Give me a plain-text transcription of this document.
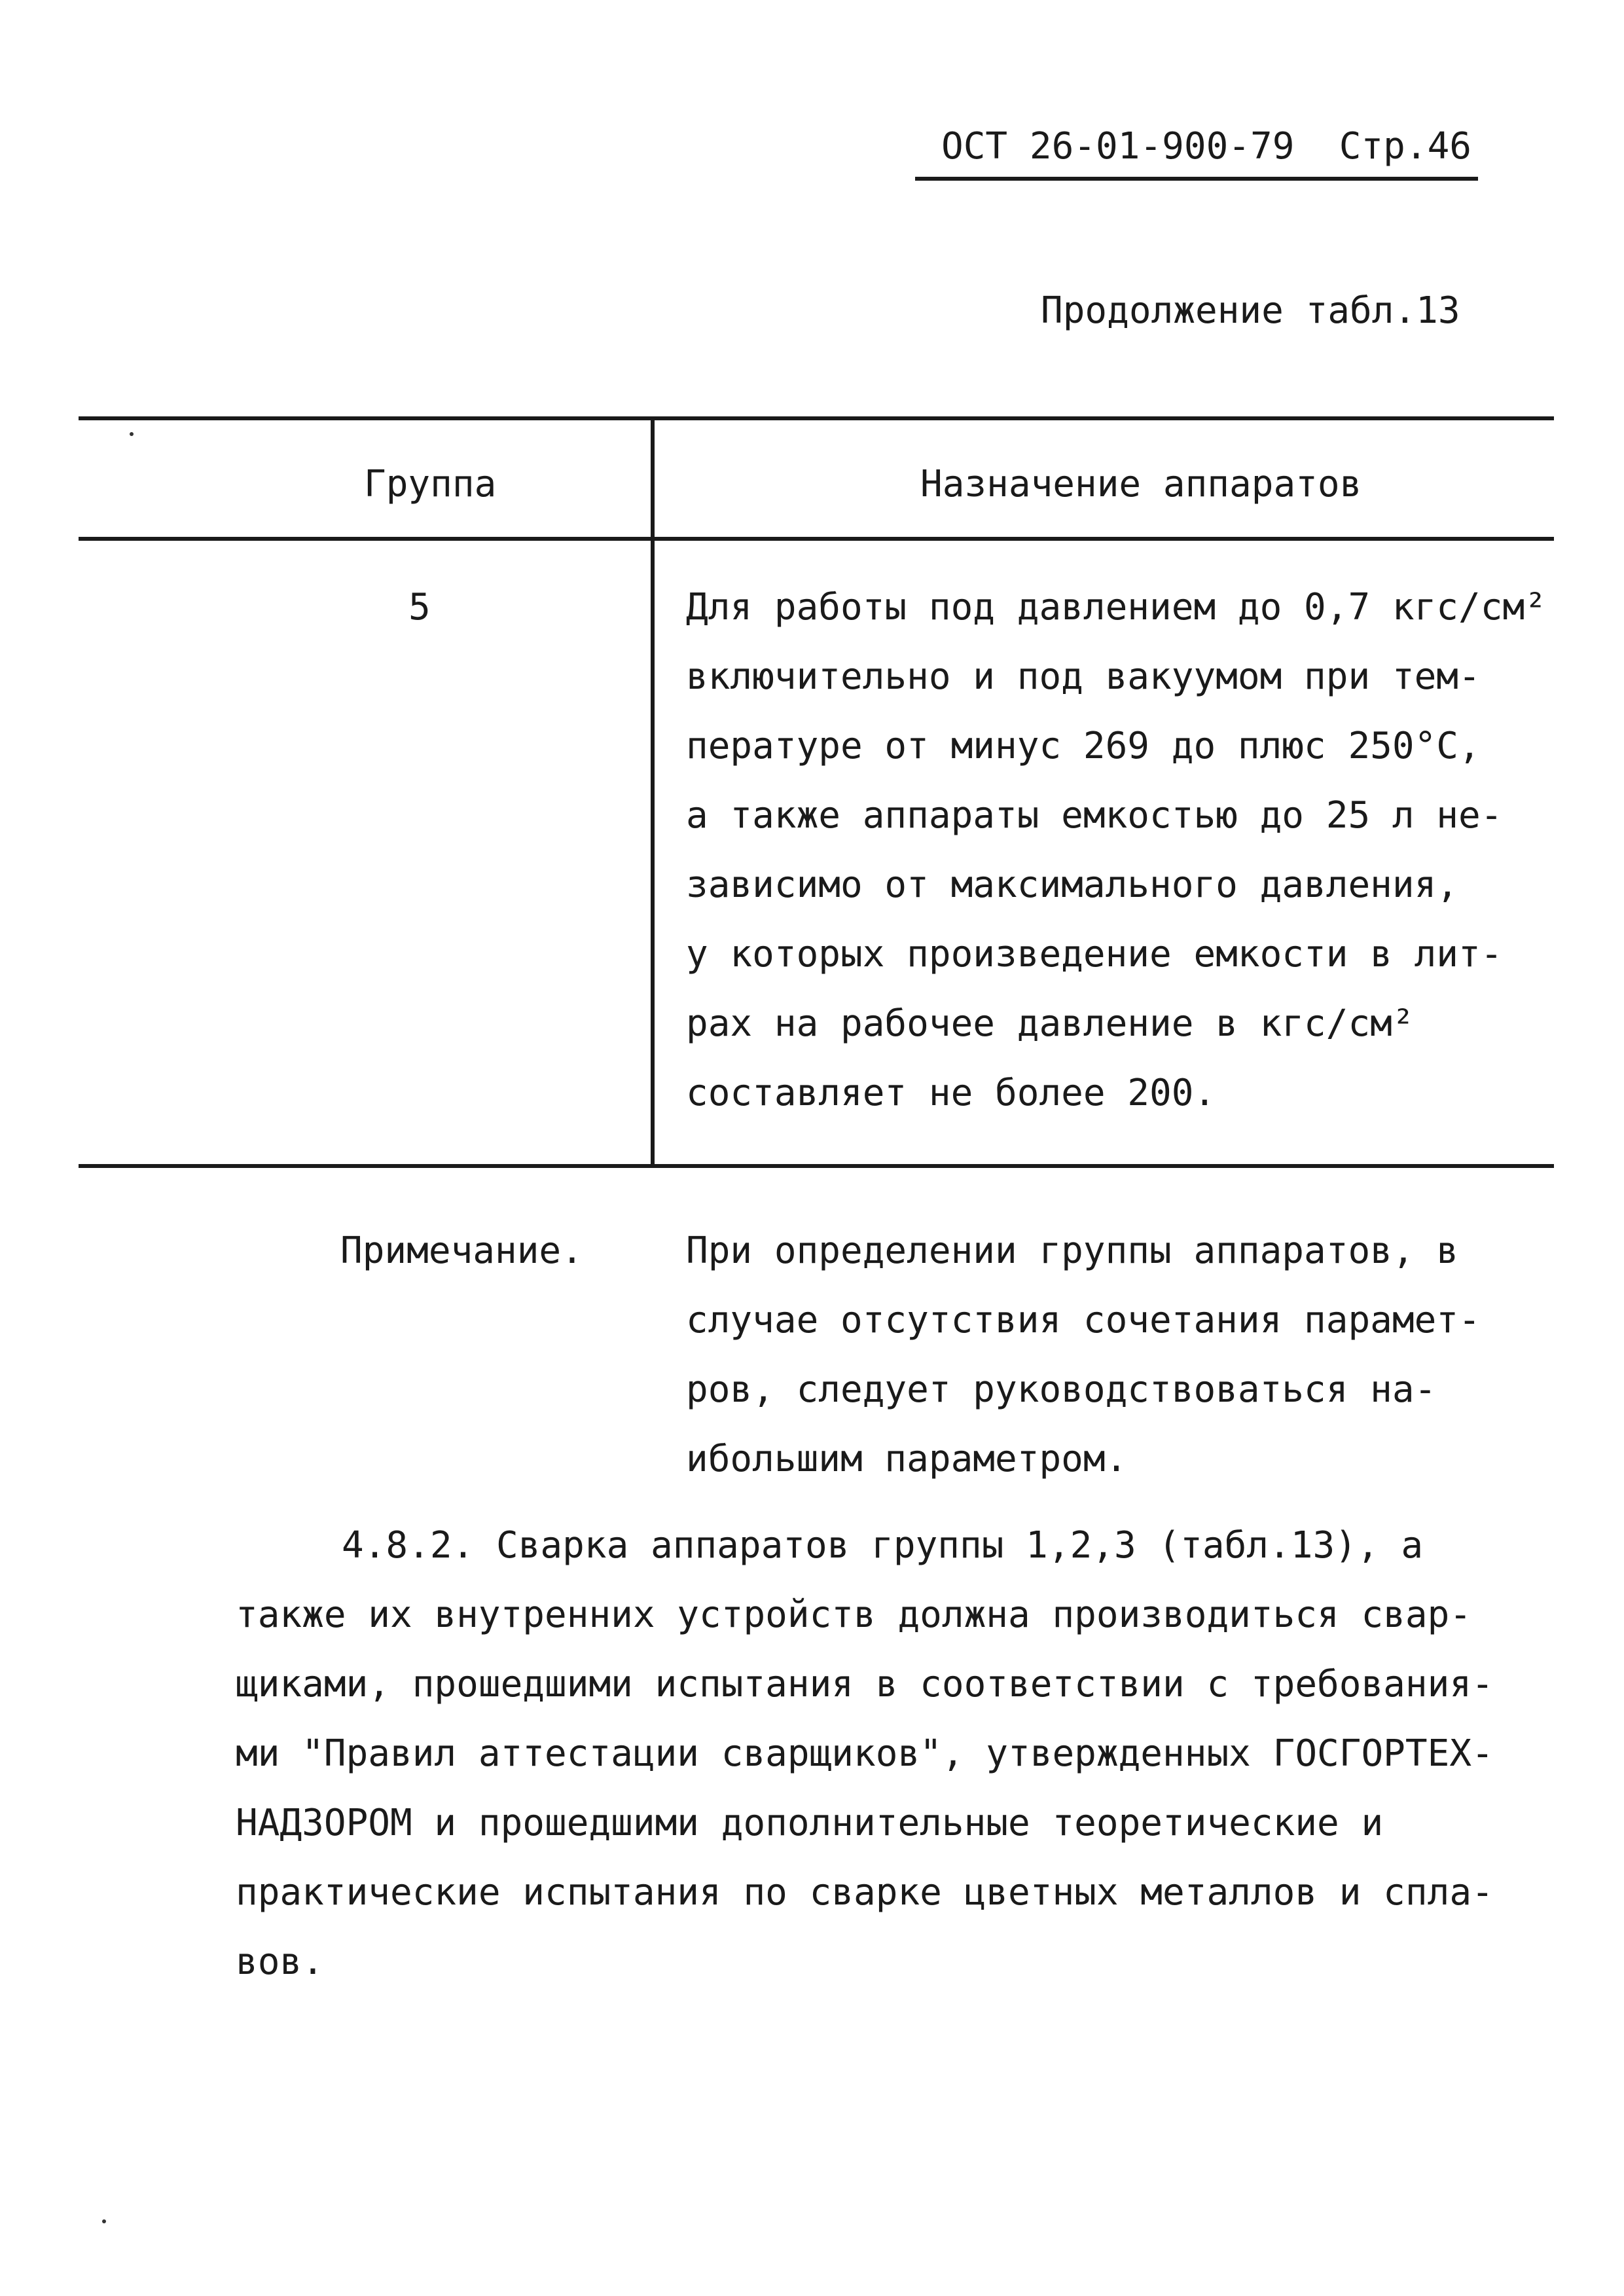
ОСТ 26-01-900-79 Стр.46
Продолжение табл.13
Группа	Назначение аппаратов
5	Для работы под давлением до 0,7 кгс/см²
включительно и под вакуумом при тем-
пературе от минус 269 до плюс 250°С,
а также аппараты емкостью до 25 л не-
зависимо от максимального давления,
у которых произведение емкости в лит-
рах на рабочее давление в кгс/см²
составляет не более 200.
Примечание.	При определении группы аппаратов, в
случае отсутствия сочетания парамет-
ров, следует руководствоваться на-
ибольшим параметром.
4.8.2. Сварка аппаратов группы 1,2,3 (табл.13), а
также их внутренних устройств должна производиться свар-
щиками, прошедшими испытания в соответствии с требования-
ми "Правил аттестации сварщиков", утвержденных ГОСГОРТЕХ-
НАДЗОРОМ и прошедшими дополнительные теоретические и
практические испытания по сварке цветных металлов и спла-
вов.
